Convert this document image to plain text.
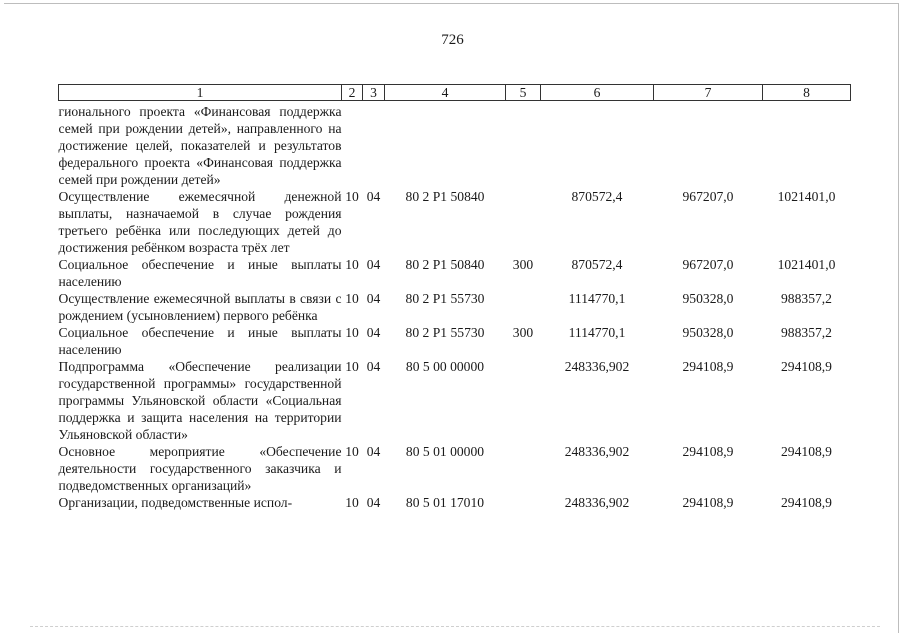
726
1	2	3	4	5	6	7	8
гионального проекта «Финансовая поддержка семей при рождении детей», направленного на достижение целей, показателей и результатов федерального проекта «Финансовая поддержка семей при рождении детей»							
Осуществление ежемесячной денежной выплаты, назначаемой в случае рождения третьего ребёнка или последующих детей до достижения ребёнком возраста трёх лет	10	04	80 2 P1 50840		870572,4	967207,0	1021401,0
Социальное обеспечение и иные выплаты населению	10	04	80 2 P1 50840	300	870572,4	967207,0	1021401,0
Осуществление ежемесячной выплаты в связи с рождением (усыновлением) первого ребёнка	10	04	80 2 P1 55730		1114770,1	950328,0	988357,2
Социальное обеспечение и иные выплаты населению	10	04	80 2 P1 55730	300	1114770,1	950328,0	988357,2
Подпрограмма «Обеспечение реализации государственной программы» государственной программы Ульяновской области «Социальная поддержка и защита населения на территории Ульяновской области»	10	04	80 5 00 00000		248336,902	294108,9	294108,9
Основное мероприятие «Обеспечение деятельности государственного заказчика и подведомственных организаций»	10	04	80 5 01 00000		248336,902	294108,9	294108,9
Организации, подведомственные испол-	10	04	80 5 01 17010		248336,902	294108,9	294108,9
